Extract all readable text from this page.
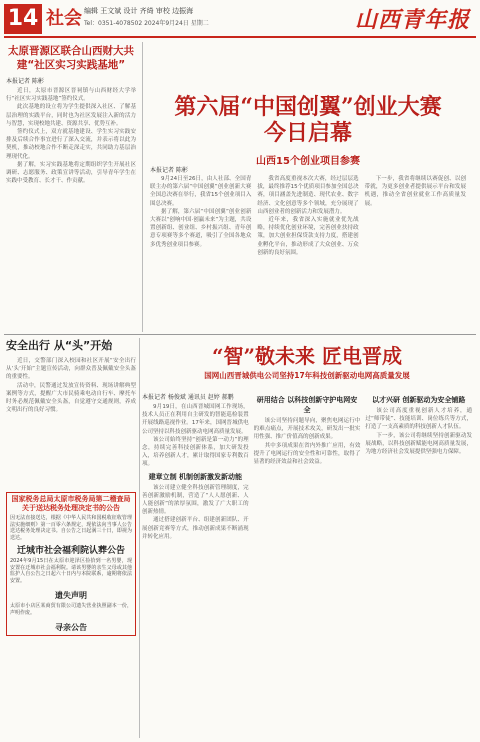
14 社会 编辑 王文斌 设计 齐绮 审校 边振海
Tel：0351-4078502 2024年9月24日 星期二	山西青年报
太原晋源区联合山西财大共建“社区实习实践基地”
本报记者 陈彬

近日，太原市晋源区晋祠镇与山西财经大学举行“社区实习实践基地”签约仪式。

此次基地的设立将为学生提供深入社区、了解基层治理的实践平台，同时也为社区发展注入新的活力与智慧，实现校地共建、资源共享、优势互补。

签约仪式上，双方就基地建设、学生实习实践安排及后续合作事宜进行了深入交流，并表示将以此为契机，推动校地合作不断走深走实，共同助力基层治理现代化。

据了解，实习实践基地将定期组织学生开展社区调研、志愿服务、政策宣讲等活动，引导青年学生在实践中受教育、长才干、作贡献。

安全出行 从“头”开始

近日，交警部门深入校园和社区开展“安全出行 从‘头’开始”主题宣传活动，向群众普及佩戴安全头盔的重要性。

活动中，民警通过发放宣传资料、现场讲解典型案例等方式，提醒广大市民骑乘电动自行车、摩托车时务必规范佩戴安全头盔，自觉遵守交通规则，养成文明出行的良好习惯。

国家税务总局太原市税务局第二稽查局关于送达税务处理决定书的公告
因无法直接送达，根据《中华人民共和国税收征收管理法实施细则》第一百零六条规定，现依法向当事人公告送达税务处理决定书。自公告之日起满三十日，即视为送达。
迁城市社会福利院认葬公告
2024年9月15日在太原市迎泽区捡拾到一名男婴，现安置在迁城市社会福利院。请该男婴的亲生父母或其他监护人自公告之日起六十日内与本院联系，逾期将依法安置。
遗失声明
太原市小店区某商贸有限公司遗失营业执照副本一份，声明作废。
寻亲公告
第六届“中国创翼”创业大赛
今日启幕
山西15个创业项目参赛
本报记者 陈彬

9月24日至26日，由人社部、全国青联主办的第六届“中国创翼”创业创新大赛全国总决赛在举行，我省15个创业项目入围总决赛。

据了解，第六届“中国创翼”创业创新大赛以“创响中国·创赢未来”为主题，共设置创新组、创业组、乡村振兴组、青年创意专项赛等多个赛道，吸引了全国各地众多优秀创业项目参赛。

我省高度重视本次大赛，经过层层选拔，最终推荐15个优质项目参加全国总决赛，项目涵盖先进制造、现代农业、数字经济、文化创意等多个领域，充分展现了山西创业者的创新活力和发展潜力。

近年来，我省深入实施就业优先战略，持续优化创业环境，完善创业扶持政策，加大创业担保贷款支持力度，搭建创业孵化平台，推动形成了大众创业、万众创新的良好氛围。

下一步，我省将继续以赛促创、以创带就，为更多创业者提供展示平台和发展机遇，推动全省创业就业工作高质量发展。

“智”敬未来 匠电晋成
国网山西晋城供电公司坚持17年科技创新驱动电网高质量发展
本报记者 杨俊斌 通讯员 赵婷 郝鹏

9月19日，在山西晋城国网工作现场，技术人员正在利用自主研发的智能巡检装置开展线路巡视作业。17年来，国网晋城供电公司坚持以科技创新驱动电网高质量发展。

该公司始终坚持“创新是第一动力”的理念，持续完善科技创新体系，加大研发投入，培养创新人才，累计取得国家专利数百项。

建章立制 机制创新激发新动能

该公司建立健全科技创新管理制度，完善创新激励机制，营造了“人人愿创新、人人能创新”的浓厚氛围，激发了广大职工的创新热情。

通过搭建创新平台、组建创新团队、开展创新竞赛等方式，推动创新成果不断涌现并转化应用。

研用结合 以科技创新守护电网安全

该公司坚持问题导向，聚焦电网运行中的难点痛点，开展技术攻关，研发出一批实用性强、推广价值高的创新成果。

其中多项成果在省内外推广应用，有效提升了电网运行的安全性和可靠性，取得了显著的经济效益和社会效益。

以才兴研 创新驱动为安全铺路

该公司高度重视创新人才培养，通过“师带徒”、技能培训、岗位练兵等方式，打造了一支高素质的科技创新人才队伍。

下一步，该公司将继续坚持创新驱动发展战略，以科技创新赋能电网高质量发展，为地方经济社会发展提供坚强电力保障。
